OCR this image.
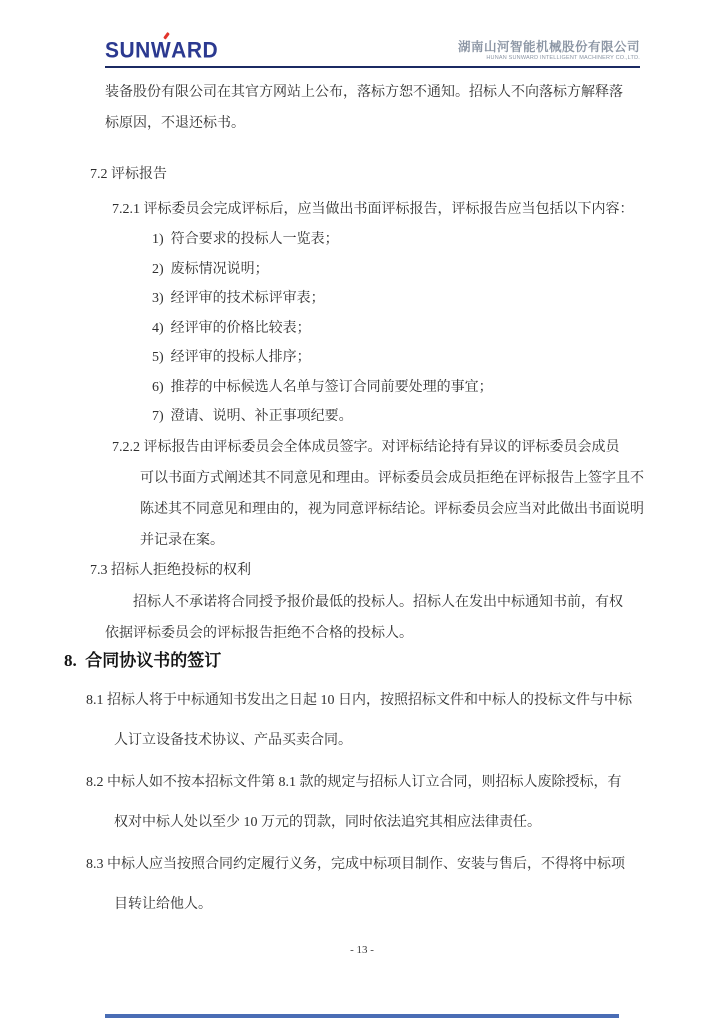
SUNWARD	湖南山河智能机械股份有限公司
HUNAN SUNWARD INTELLIGENT MACHINERY CO.,LTD.
装备股份有限公司在其官方网站上公布，落标方恕不通知。招标人不向落标方解释落
标原因，不退还标书。
7.2 评标报告
7.2.1 评标委员会完成评标后，应当做出书面评标报告，评标报告应当包括以下内容：
1)  符合要求的投标人一览表；
2)  废标情况说明；
3)  经评审的技术标评审表；
4)  经评审的价格比较表；
5)  经评审的投标人排序；
6)  推荐的中标候选人名单与签订合同前要处理的事宜；
7)  澄请、说明、补正事项纪要。
7.2.2 评标报告由评标委员会全体成员签字。对评标结论持有异议的评标委员会成员
可以书面方式阐述其不同意见和理由。评标委员会成员拒绝在评标报告上签字且不
陈述其不同意见和理由的，视为同意评标结论。评标委员会应当对此做出书面说明
并记录在案。
7.3 招标人拒绝投标的权利
招标人不承诺将合同授予报价最低的投标人。招标人在发出中标通知书前，有权
依据评标委员会的评标报告拒绝不合格的投标人。
8.  合同协议书的签订
8.1 招标人将于中标通知书发出之日起 10 日内，按照招标文件和中标人的投标文件与中标
人订立设备技术协议、产品买卖合同。
8.2 中标人如不按本招标文件第 8.1 款的规定与招标人订立合同，则招标人废除授标，有
权对中标人处以至少 10 万元的罚款，同时依法追究其相应法律责任。
8.3 中标人应当按照合同约定履行义务，完成中标项目制作、安装与售后，不得将中标项
目转让给他人。
- 13 -
